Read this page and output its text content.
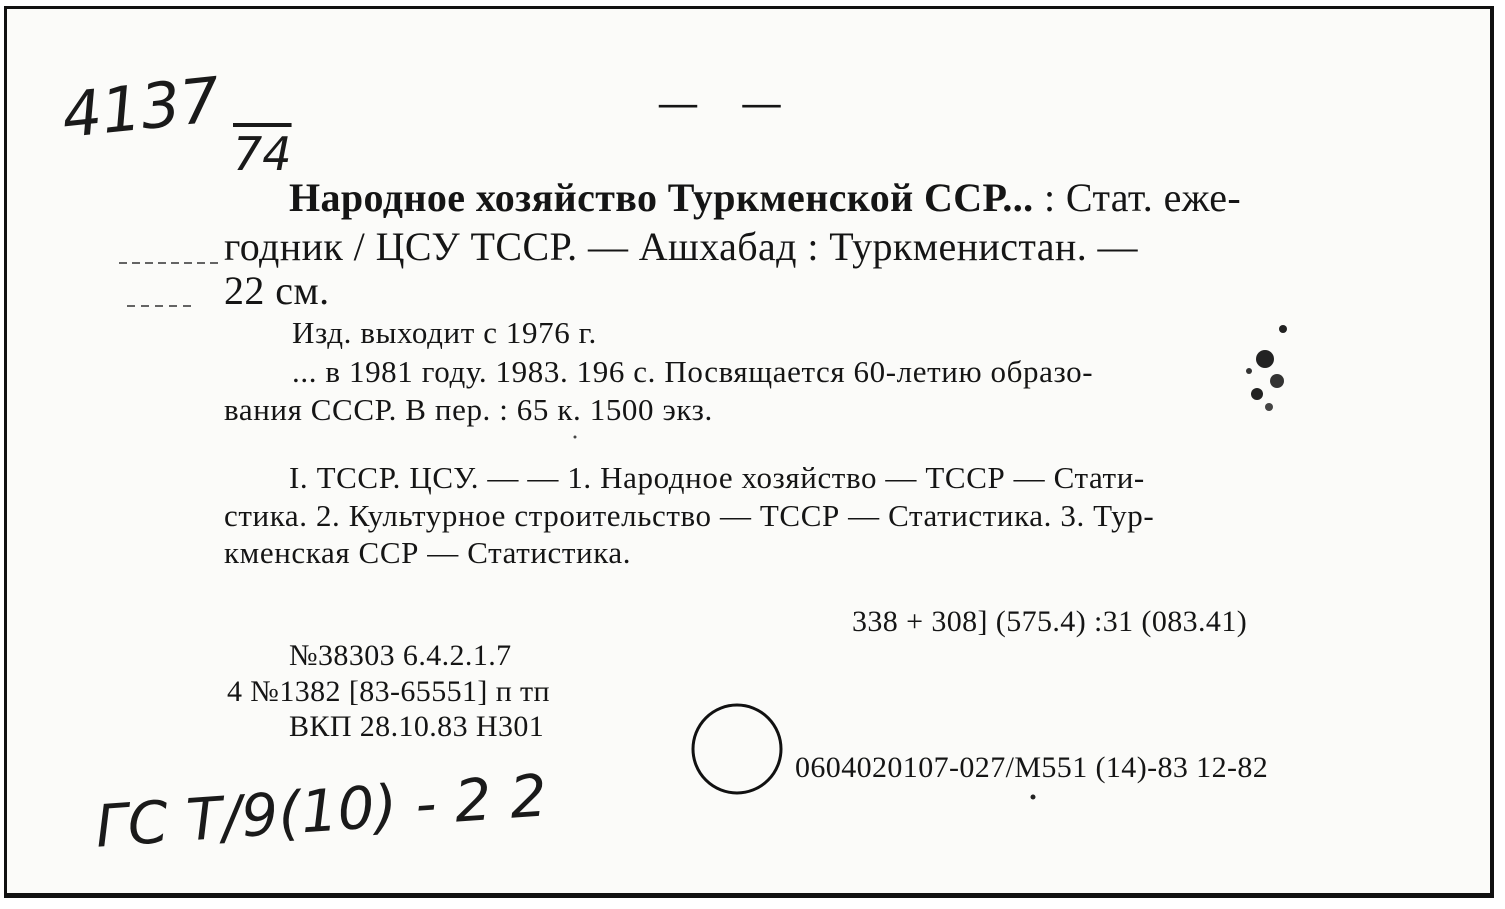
4137
74
— —
Народное хозяйство Туркменской ССР... : Стат. еже-
годник / ЦСУ ТССР. — Ашхабад : Туркменистан. —
22 см.
Изд. выходит с 1976 г.
... в 1981 году. 1983. 196 с. Посвящается 60-летию образо-
вания СССР. В пер. : 65 к. 1500 экз.
I. ТССР. ЦСУ. — — 1. Народное хозяйство — ТССР — Стати-
стика. 2. Культурное строительство — ТССР — Статистика. 3. Тур-
кменская ССР — Статистика.
338 + 308] (575.4) :31 (083.41)
№38303 6.4.2.1.7
4 №1382 [83-65551] п тп
ВКП 28.10.83 Н301
0604020107-027/М551 (14)-83 12-82
ГС Т/9(10) - 2 2
